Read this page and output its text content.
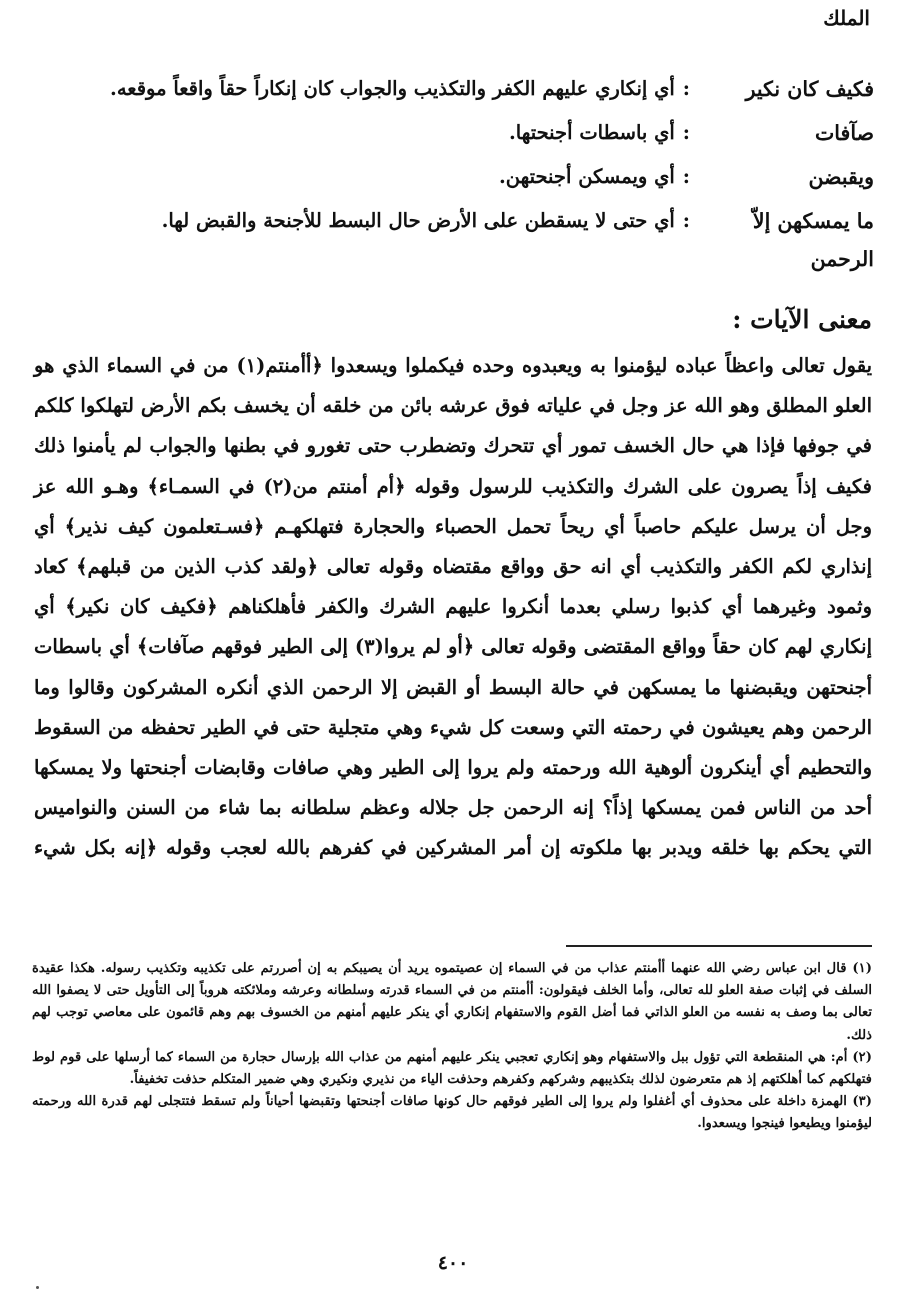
الملك
فكيف كان نكير
:
أي إنكاري عليهم الكفر والتكذيب والجواب كان إنكاراً حقاً واقعاً موقعه.
صآفات
:
أي باسطات أجنحتها.
ويقبضن
:
أي ويمسكن أجنحتهن.
ما يمسكهن إلاّ الرحمن
:
أي حتى لا يسقطن على الأرض حال البسط للأجنحة والقبض لها.
معنى الآيات :

يقول تعالى واعظاً عباده ليؤمنوا به ويعبدوه وحده فيكملوا ويسعدوا ﴿أأمنتم(١) من في السماء الذي هو العلو المطلق وهو الله عز وجل في علياته فوق عرشه بائن من خلقه أن يخسف بكم الأرض لتهلكوا كلكم في جوفها فإذا هي حال الخسف تمور أي تتحرك وتضطرب حتى تغورو في بطنها والجواب لم يأمنوا ذلك فكيف إذاً يصرون على الشرك والتكذيب للرسول وقوله ﴿أم أمنتم من(٢) في السمـاء﴾ وهـو الله عز وجل أن يرسل عليكم حاصباً أي ريحاً تحمل الحصباء والحجارة فتهلكهـم ﴿فسـتعلمون كيف نذير﴾ أي إنذاري لكم الكفر والتكذيب أي انه حق وواقع مقتضاه وقوله تعالى ﴿ولقد كذب الذين من قبلهم﴾ كعاد وثمود وغيرهما أي كذبوا رسلي بعدما أنكروا عليهم الشرك والكفر فأهلكناهم ﴿فكيف كان نكير﴾ أي إنكاري لهم كان حقاً وواقع المقتضى وقوله تعالى ﴿أو لم يروا(٣) إلى الطير فوقهم صآفات﴾ أي باسطات أجنحتهن ويقبضنها ما يمسكهن في حالة البسط أو القبض إلا الرحمن الذي أنكره المشركون وقالوا وما الرحمن وهم يعيشون في رحمته التي وسعت كل شيء وهي متجلية حتى في الطير تحفظه من السقوط والتحطيم أي أينكرون ألوهية الله ورحمته ولم يروا إلى الطير وهي صافات وقابضات أجنحتها ولا يمسكها أحد من الناس فمن يمسكها إذاً؟ إنه الرحمن جل جلاله وعظم سلطانه بما شاء من السنن والنواميس التي يحكم بها خلقه ويدبر بها ملكوته إن أمر المشركين في كفرهم بالله لعجب وقوله ﴿إنه بكل شيء

(١) قال ابن عباس رضي الله عنهما أأمنتم عذاب من في السماء إن عصيتموه يريد أن يصيبكم به إن أصررتم على تكذيبه وتكذيب رسوله. هكذا عقيدة السلف في إثبات صفة العلو لله تعالى، وأما الخلف فيقولون: أأمنتم من في السماء قدرته وسلطانه وعرشه وملائكته هروباً إلى التأويل حتى لا يصفوا الله تعالى بما وصف به نفسه من العلو الذاتي فما أضل القوم والاستفهام إنكاري أي ينكر عليهم أمنهم من الخسوف بهم وهم قائمون على معاصي توجب لهم ذلك.

(٢) أم: هي المنقطعة التي تؤول ببل والاستفهام وهو إنكاري تعجبي ينكر عليهم أمنهم من عذاب الله بإرسال حجارة من السماء كما أرسلها على قوم لوط فتهلكهم كما أهلكتهم إذ هم متعرضون لذلك بتكذيبهم وشركهم وكفرهم وحذفت الياء من نذيري ونكيري وهي ضمير المتكلم حذفت تخفيفاً.

(٣) الهمزة داخلة على محذوف أي أغفلوا ولم يروا إلى الطير فوقهم حال كونها صافات أجنحتها وتقبضها أحياناً ولم تسقط فتتجلى لهم قدرة الله ورحمته ليؤمنوا ويطيعوا فينجوا ويسعدوا.

٤٠٠
